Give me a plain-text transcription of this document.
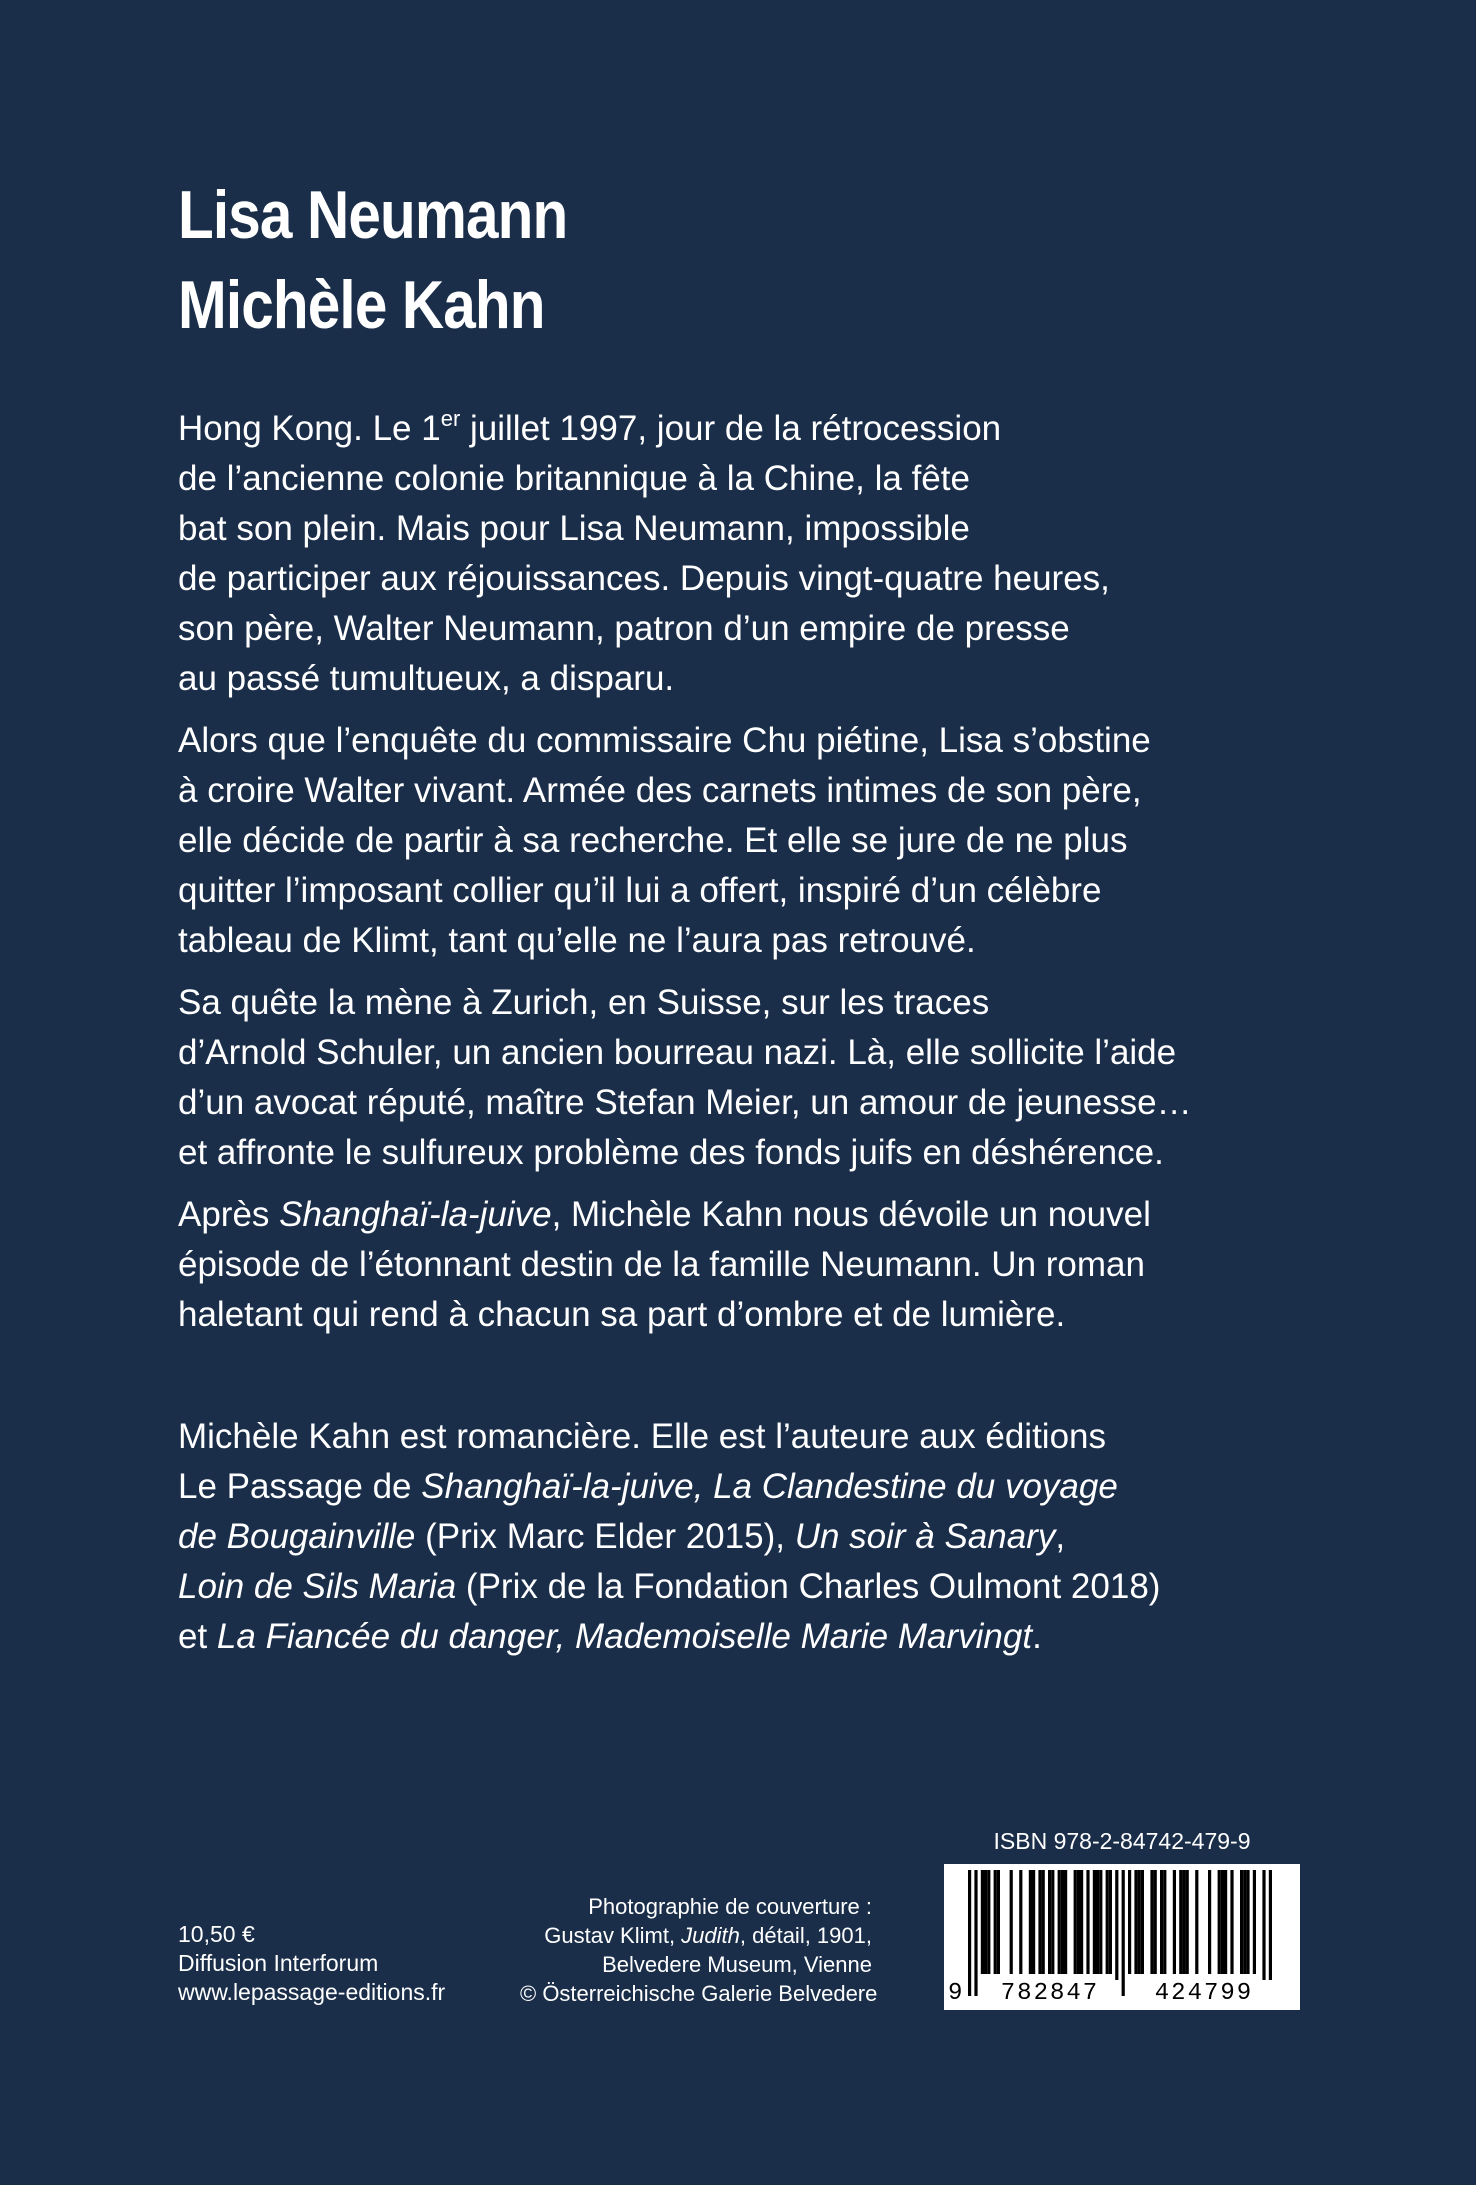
Lisa Neumann
Michèle Kahn

Hong Kong. Le 1er juillet 1997, jour de la rétrocession
de l’ancienne colonie britannique à la Chine, la fête
bat son plein. Mais pour Lisa Neumann, impossible
de participer aux réjouissances. Depuis vingt-quatre heures,
son père, Walter Neumann, patron d’un empire de presse
au passé tumultueux, a disparu.

Alors que l’enquête du commissaire Chu piétine, Lisa s’obstine
à croire Walter vivant. Armée des carnets intimes de son père,
elle décide de partir à sa recherche. Et elle se jure de ne plus
quitter l’imposant collier qu’il lui a offert, inspiré d’un célèbre
tableau de Klimt, tant qu’elle ne l’aura pas retrouvé.

Sa quête la mène à Zurich, en Suisse, sur les traces
d’Arnold Schuler, un ancien bourreau nazi. Là, elle sollicite l’aide
d’un avocat réputé, maître Stefan Meier, un amour de jeunesse…
et affronte le sulfureux problème des fonds juifs en déshérence.

Après Shanghaï-la-juive, Michèle Kahn nous dévoile un nouvel
épisode de l’étonnant destin de la famille Neumann. Un roman
haletant qui rend à chacun sa part d’ombre et de lumière.

Michèle Kahn est romancière. Elle est l’auteure aux éditions
Le Passage de Shanghaï-la-juive, La Clandestine du voyage
de Bougainville (Prix Marc Elder 2015), Un soir à Sanary,
Loin de Sils Maria (Prix de la Fondation Charles Oulmont 2018)
et La Fiancée du danger, Mademoiselle Marie Marvingt.
10,50 €
Diffusion Interforum
www.lepassage-editions.fr
Photographie de couverture :
Gustav Klimt, Judith, détail, 1901,
Belvedere Museum, Vienne
© Österreichische Galerie Belvedere
ISBN 978-2-84742-479-9
9	782847	424799
